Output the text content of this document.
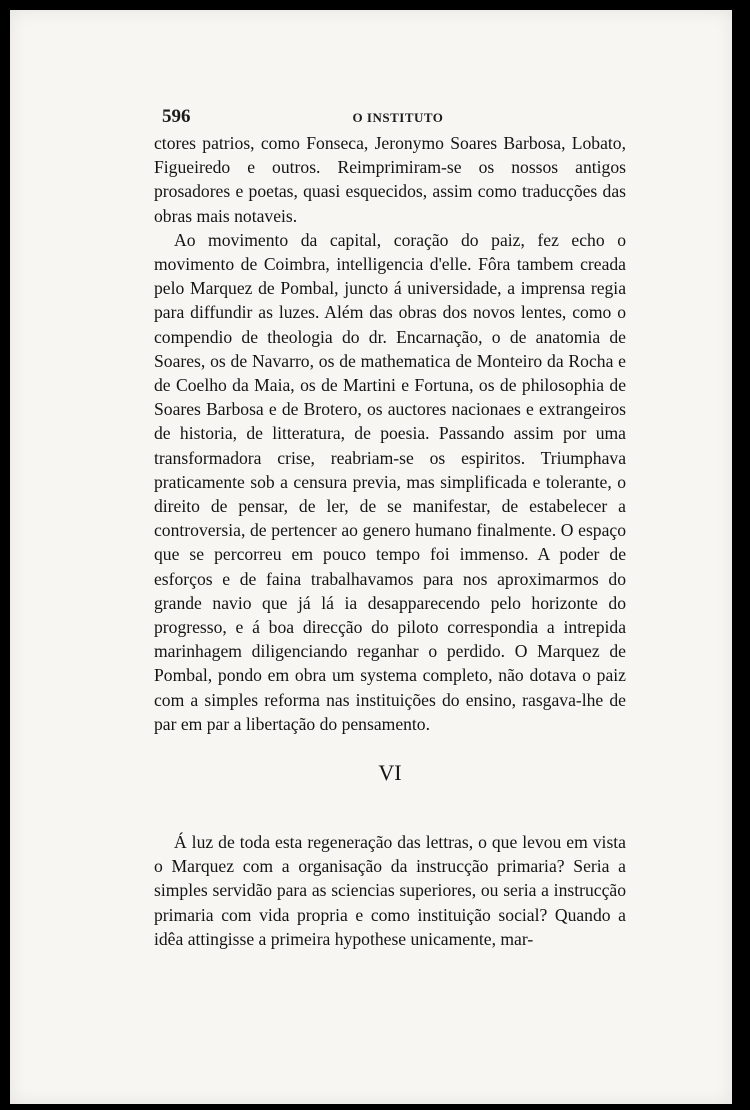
596	O INSTITUTO

ctores patrios, como Fonseca, Jeronymo Soares Barbosa, Lobato, Figueiredo e outros. Reimprimiram-se os nossos antigos prosadores e poetas, quasi esquecidos, assim como traducções das obras mais notaveis.

Ao movimento da capital, coração do paiz, fez echo o movimento de Coimbra, intelligencia d'elle. Fôra tambem creada pelo Marquez de Pombal, juncto á universidade, a imprensa regia para diffundir as luzes. Além das obras dos novos lentes, como o compendio de theologia do dr. Encarnação, o de anatomia de Soares, os de Navarro, os de mathematica de Monteiro da Rocha e de Coelho da Maia, os de Martini e Fortuna, os de philosophia de Soares Barbosa e de Brotero, os auctores nacionaes e extrangeiros de historia, de litteratura, de poesia. Passando assim por uma transformadora crise, reabriam-se os espiritos. Triumphava praticamente sob a censura previa, mas simplificada e tolerante, o direito de pensar, de ler, de se manifestar, de estabelecer a controversia, de pertencer ao genero humano finalmente. O espaço que se percorreu em pouco tempo foi immenso. A poder de esforços e de faina trabalhavamos para nos aproximarmos do grande navio que já lá ia desapparecendo pelo horizonte do progresso, e á boa direcção do piloto correspondia a intrepida marinhagem diligenciando reganhar o perdido. O Marquez de Pombal, pondo em obra um systema completo, não dotava o paiz com a simples reforma nas instituições do ensino, rasgava-lhe de par em par a libertação do pensamento.

VI

Á luz de toda esta regeneração das lettras, o que levou em vista o Marquez com a organisação da instrucção primaria? Seria a simples servidão para as sciencias superiores, ou seria a instrucção primaria com vida propria e como instituição social? Quando a idêa attingisse a primeira hypothese unicamente, mar-
